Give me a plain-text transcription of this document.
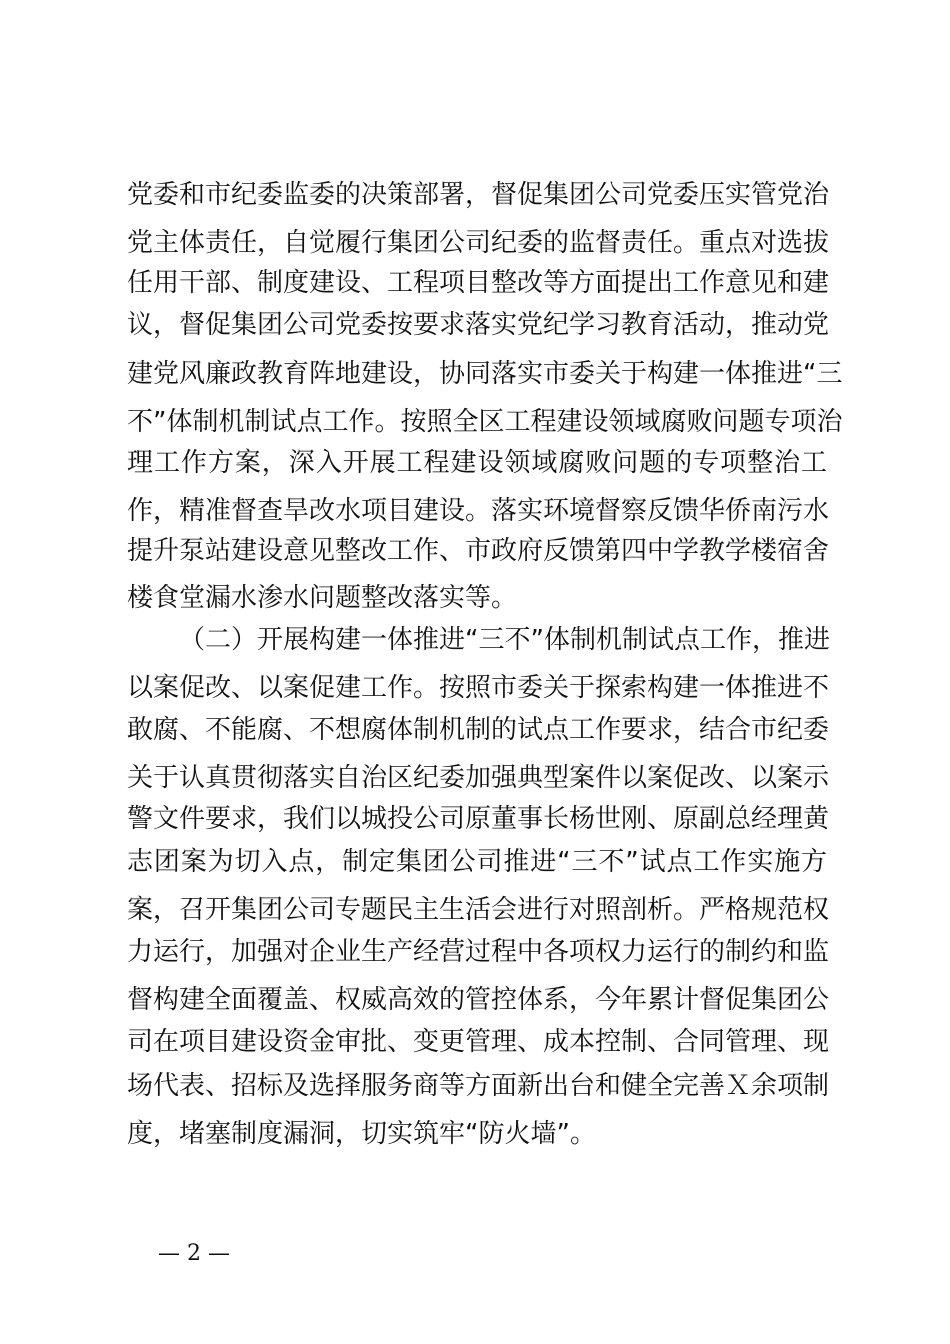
党委和市纪委监委的决策部署，督促集团公司党委压实管党治
党主体责任，自觉履行集团公司纪委的监督责任。重点对选拔
任用干部、制度建设、工程项目整改等方面提出工作意见和建
议，督促集团公司党委按要求落实党纪学习教育活动，推动党
建党风廉政教育阵地建设，协同落实市委关于构建一体推进“三
不”体制机制试点工作。按照全区工程建设领域腐败问题专项治
理工作方案，深入开展工程建设领域腐败问题的专项整治工
作，精准督查旱改水项目建设。落实环境督察反馈华侨南污水
提升泵站建设意见整改工作、市政府反馈第四中学教学楼宿舍
楼食堂漏水渗水问题整改落实等。
（二）开展构建一体推进“三不”体制机制试点工作，推进
以案促改、以案促建工作。按照市委关于探索构建一体推进不
敢腐、不能腐、不想腐体制机制的试点工作要求，结合市纪委
关于认真贯彻落实自治区纪委加强典型案件以案促改、以案示
警文件要求，我们以城投公司原董事长杨世刚、原副总经理黄
志团案为切入点，制定集团公司推进“三不”试点工作实施方
案，召开集团公司专题民主生活会进行对照剖析。严格规范权
力运行，加强对企业生产经营过程中各项权力运行的制约和监
督构建全面覆盖、权威高效的管控体系，今年累计督促集团公
司在项目建设资金审批、变更管理、成本控制、合同管理、现
场代表、招标及选择服务商等方面新出台和健全完善Ｘ余项制
度，堵塞制度漏洞，切实筑牢“防火墙”。
— 2 —
